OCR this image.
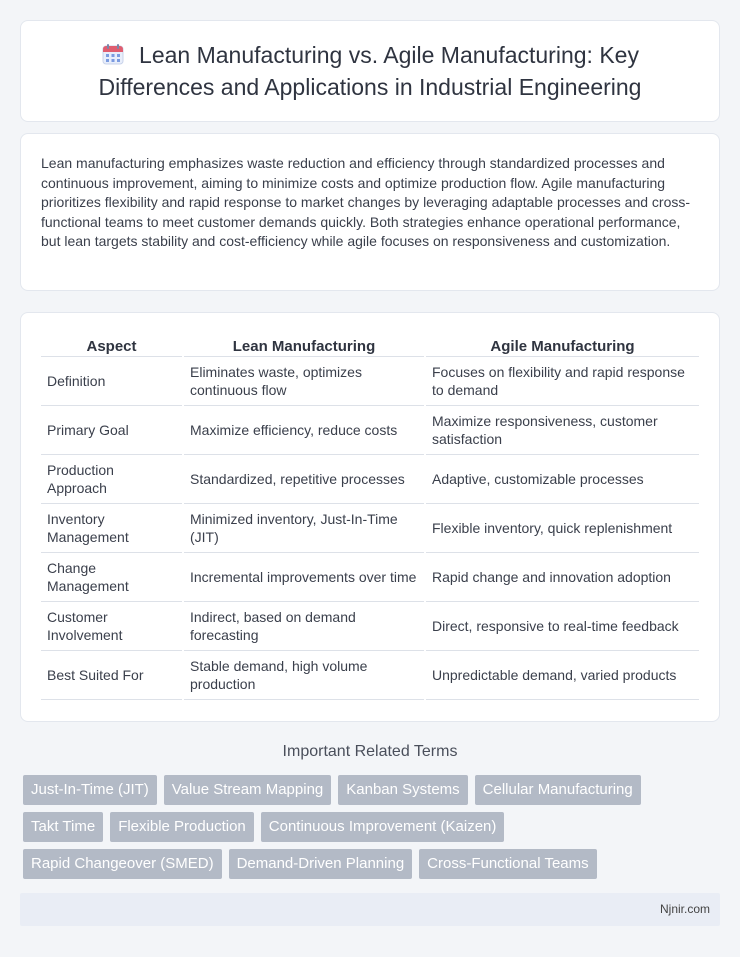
Lean Manufacturing vs. Agile Manufacturing: Key Differences and Applications in Industrial Engineering

Lean manufacturing emphasizes waste reduction and efficiency through standardized processes and continuous improvement, aiming to minimize costs and optimize production flow. Agile manufacturing prioritizes flexibility and rapid response to market changes by leveraging adaptable processes and cross-functional teams to meet customer demands quickly. Both strategies enhance operational performance, but lean targets stability and cost-efficiency while agile focuses on responsiveness and customization.

Aspect	Lean Manufacturing	Agile Manufacturing
Definition	Eliminates waste, optimizes continuous flow	Focuses on flexibility and rapid response to demand
Primary Goal	Maximize efficiency, reduce costs	Maximize responsiveness, customer satisfaction
Production Approach	Standardized, repetitive processes	Adaptive, customizable processes
Inventory Management	Minimized inventory, Just-In-Time (JIT)	Flexible inventory, quick replenishment
Change Management	Incremental improvements over time	Rapid change and innovation adoption
Customer Involvement	Indirect, based on demand forecasting	Direct, responsive to real-time feedback
Best Suited For	Stable demand, high volume production	Unpredictable demand, varied products
Important Related Terms
Just-In-Time (JIT)	Value Stream Mapping	Kanban Systems	Cellular Manufacturing
Takt Time	Flexible Production	Continuous Improvement (Kaizen)
Rapid Changeover (SMED)	Demand-Driven Planning	Cross-Functional Teams
Njnir.com
